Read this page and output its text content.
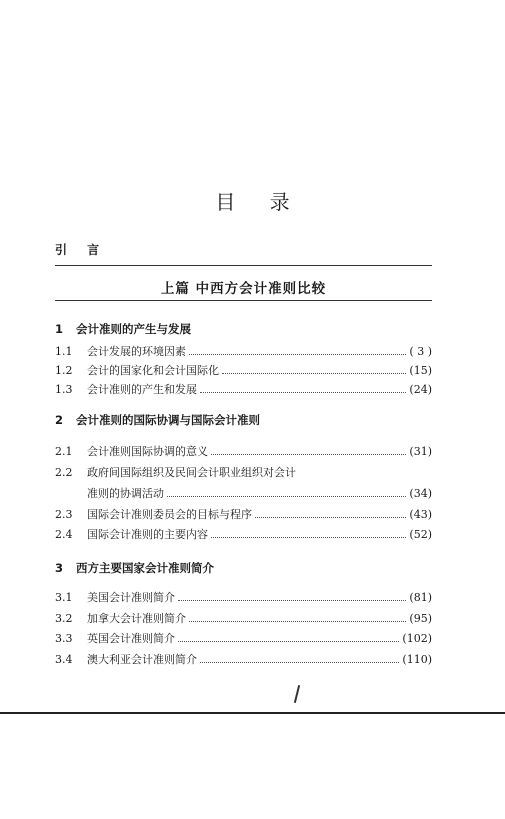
目 录
引 言
上篇 中西方会计准则比较
1 会计准则的产生与发展
1.1	会计发展的环境因素	( 3 )
1.2	会计的国家化和会计国际化	(15)
1.3	会计准则的产生和发展	(24)
2 会计准则的国际协调与国际会计准则
2.1	会计准则国际协调的意义	(31)
2.2	政府间国际组织及民间会计职业组织对会计
准则的协调活动	(34)
2.3	国际会计准则委员会的目标与程序	(43)
2.4	国际会计准则的主要内容	(52)
3 西方主要国家会计准则简介
3.1	美国会计准则简介	(81)
3.2	加拿大会计准则简介	(95)
3.3	英国会计准则简介	(102)
3.4	澳大利亚会计准则简介	(110)
